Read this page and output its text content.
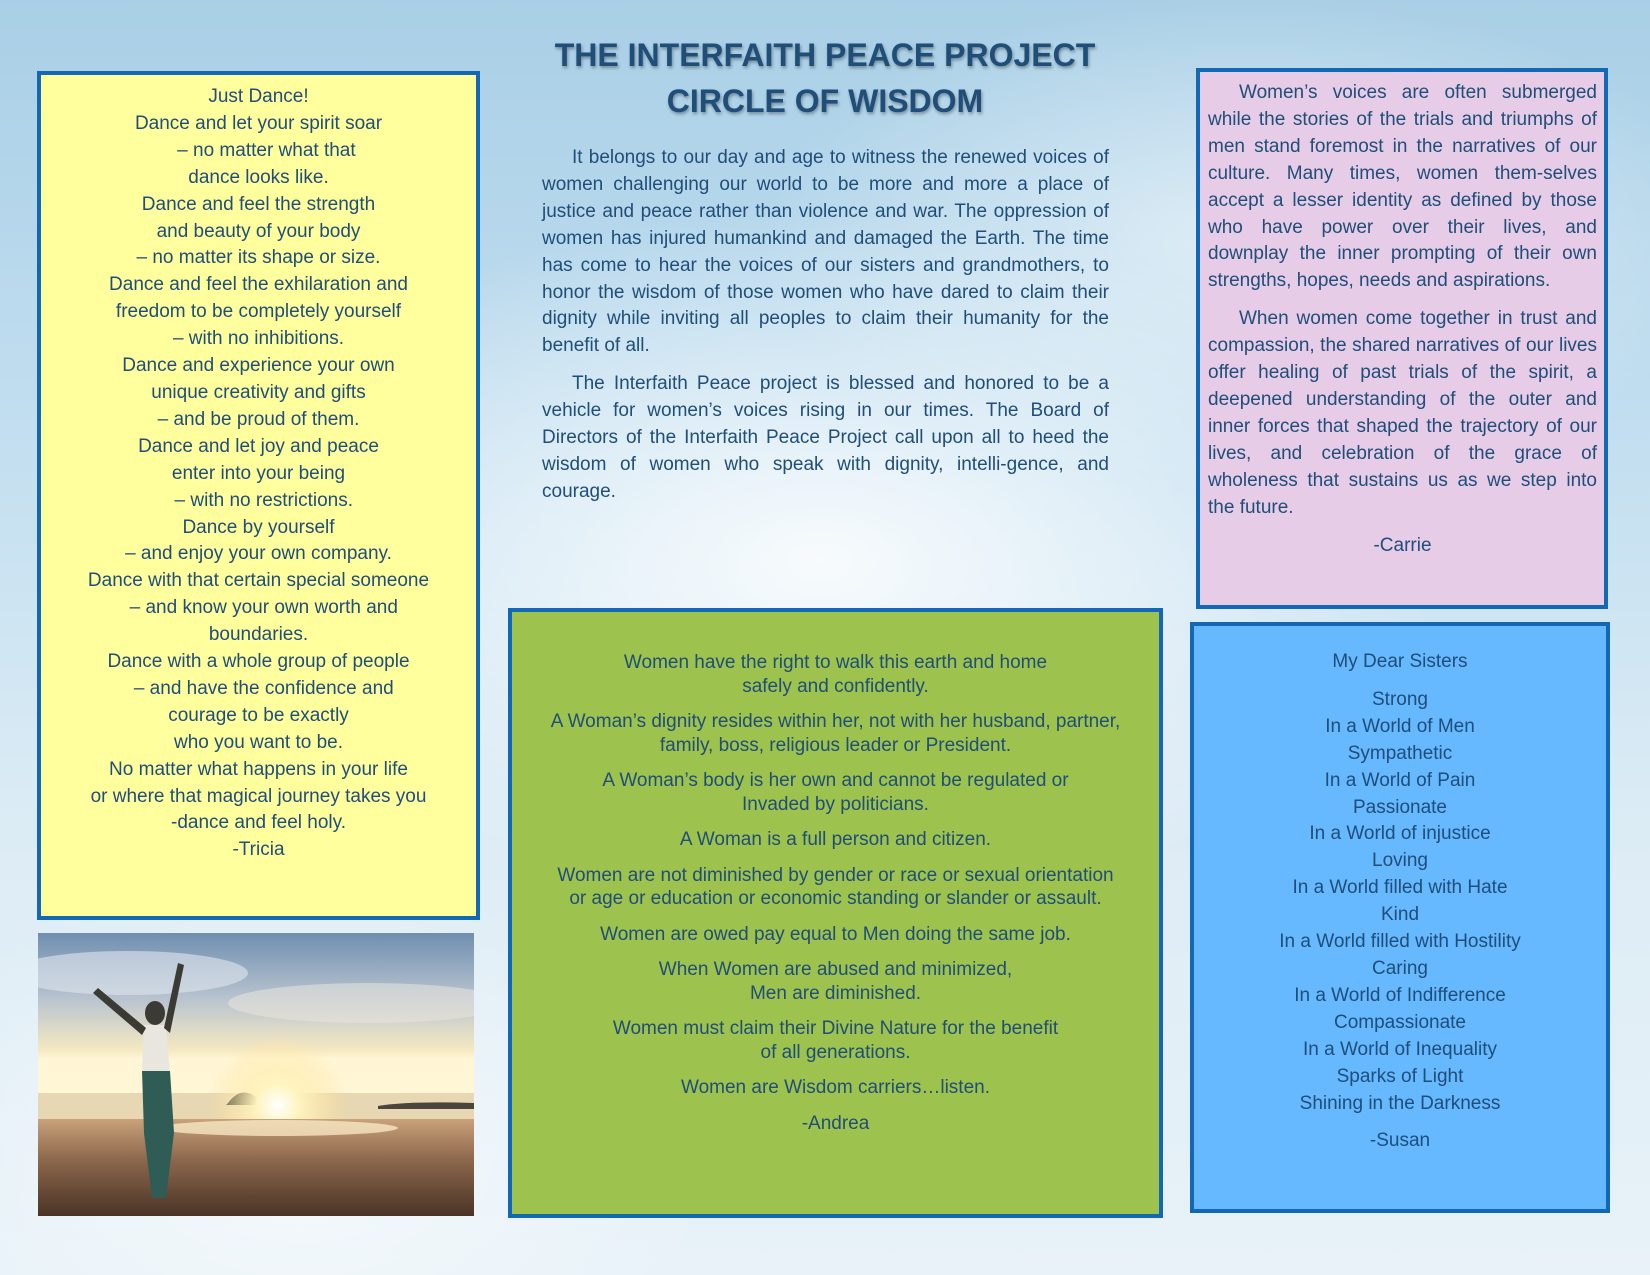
THE INTERFAITH PEACE PROJECT
CIRCLE OF WISDOM

It belongs to our day and age to witness the renewed voices of women challenging our world to be more and more a place of justice and peace rather than violence and war. The oppression of women has injured humankind and damaged the Earth. The time has come to hear the voices of our sisters and grandmothers, to honor the wisdom of those women who have dared to claim their dignity while inviting all peoples to claim their humanity for the benefit of all.

The Interfaith Peace project is blessed and honored to be a vehicle for women’s voices rising in our times. The Board of Directors of the Interfaith Peace Project call upon all to heed the wisdom of women who speak with dignity, intelli-gence, and courage.

Just Dance!
Dance and let your spirit soar
– no matter what that
dance looks like.
Dance and feel the strength
and beauty of your body
– no matter its shape or size.
Dance and feel the exhilaration and
freedom to be completely yourself
– with no inhibitions.
Dance and experience your own
unique creativity and gifts
– and be proud of them.
Dance and let joy and peace
enter into your being
– with no restrictions.
Dance by yourself
– and enjoy your own company.
Dance with that certain special someone
– and know your own worth and
boundaries.
Dance with a whole group of people
– and have the confidence and
courage to be exactly
who you want to be.
No matter what happens in your life
or where that magical journey takes you
-dance and feel holy.
-Tricia

Women’s voices are often submerged while the stories of the trials and triumphs of men stand foremost in the narratives of our culture. Many times, women them-selves accept a lesser identity as defined by those who have power over their lives, and downplay the inner prompting of their own strengths, hopes, needs and aspirations.

When women come together in trust and compassion, the shared narratives of our lives offer healing of past trials of the spirit, a deepened understanding of the outer and inner forces that shaped the trajectory of our lives, and celebration of the grace of wholeness that sustains us as we step into the future.

-Carrie

Women have the right to walk this earth and home
safely and confidently.

A Woman’s dignity resides within her, not with her husband, partner,
family, boss, religious leader or President.

A Woman’s body is her own and cannot be regulated or
Invaded by politicians.

A Woman is a full person and citizen.

Women are not diminished by gender or race or sexual orientation
or age or education or economic standing or slander or assault.

Women are owed pay equal to Men doing the same job.

When Women are abused and minimized,
Men are diminished.

Women must claim their Divine Nature for the benefit
of all generations.

Women are Wisdom carriers…listen.

-Andrea

My Dear Sisters
Strong
In a World of Men
Sympathetic
In a World of Pain
Passionate
In a World of injustice
Loving
In a World filled with Hate
Kind
In a World filled with Hostility
Caring
In a World of Indifference
Compassionate
In a World of Inequality
Sparks of Light
Shining in the Darkness
-Susan
